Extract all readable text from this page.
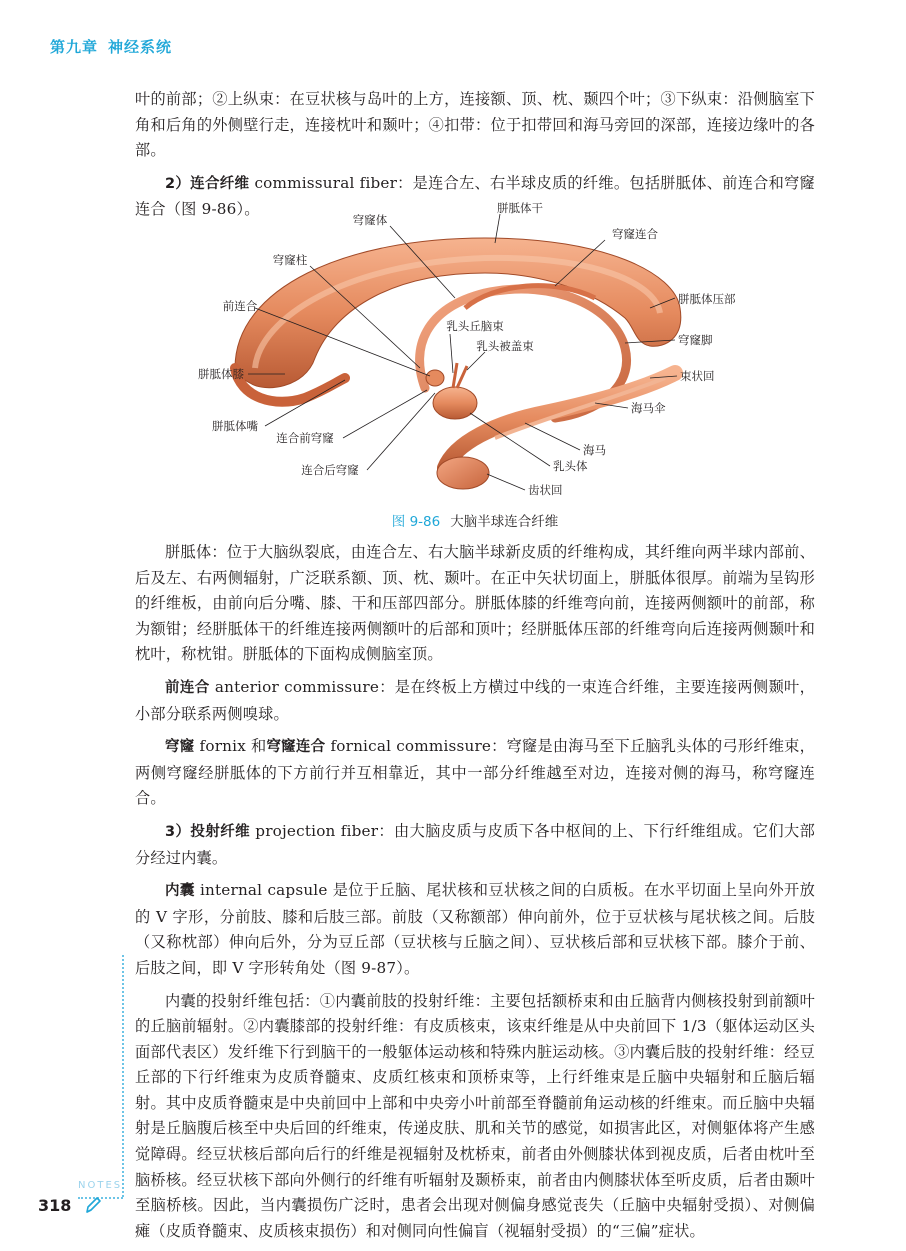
第九章 神经系统

叶的前部；②上纵束：在豆状核与岛叶的上方，连接额、顶、枕、颞四个叶；③下纵束：沿侧脑室下角和后角的外侧壁行走，连接枕叶和颞叶；④扣带：位于扣带回和海马旁回的深部，连接边缘叶的各部。

2）连合纤维 commissural fiber：是连合左、右半球皮质的纤维。包括胼胝体、前连合和穹窿连合（图 9-86）。	胼胝体干
穹窿体
穹窿连合
穹窿柱
胼胝体压部
前连合
乳头丘脑束
乳头被盖束	穹窿脚
胼胝体膝	束状回
海马伞
胼胝体嘴
连合前穹窿
海马
连合后穹窿	乳头体
齿状回
图 9-86 大脑半球连合纤维

胼胝体：位于大脑纵裂底，由连合左、右大脑半球新皮质的纤维构成，其纤维向两半球内部前、后及左、右两侧辐射，广泛联系额、顶、枕、颞叶。在正中矢状切面上，胼胝体很厚。前端为呈钩形的纤维板，由前向后分嘴、膝、干和压部四部分。胼胝体膝的纤维弯向前，连接两侧额叶的前部，称为额钳；经胼胝体干的纤维连接两侧额叶的后部和顶叶；经胼胝体压部的纤维弯向后连接两侧颞叶和枕叶，称枕钳。胼胝体的下面构成侧脑室顶。

前连合 anterior commissure：是在终板上方横过中线的一束连合纤维，主要连接两侧颞叶，小部分联系两侧嗅球。

穹窿 fornix 和穹窿连合 fornical commissure：穹窿是由海马至下丘脑乳头体的弓形纤维束，两侧穹窿经胼胝体的下方前行并互相靠近，其中一部分纤维越至对边，连接对侧的海马，称穹窿连合。

3）投射纤维 projection fiber：由大脑皮质与皮质下各中枢间的上、下行纤维组成。它们大部分经过内囊。

内囊 internal capsule 是位于丘脑、尾状核和豆状核之间的白质板。在水平切面上呈向外开放的 V 字形，分前肢、膝和后肢三部。前肢（又称额部）伸向前外，位于豆状核与尾状核之间。后肢（又称枕部）伸向后外，分为豆丘部（豆状核与丘脑之间）、豆状核后部和豆状核下部。膝介于前、后肢之间，即 V 字形转角处（图 9-87）。

内囊的投射纤维包括：①内囊前肢的投射纤维：主要包括额桥束和由丘脑背内侧核投射到前额叶的丘脑前辐射。②内囊膝部的投射纤维：有皮质核束，该束纤维是从中央前回下 1/3（躯体运动区头面部代表区）发纤维下行到脑干的一般躯体运动核和特殊内脏运动核。③内囊后肢的投射纤维：经豆丘部的下行纤维束为皮质脊髓束、皮质红核束和顶桥束等，上行纤维束是丘脑中央辐射和丘脑后辐射。其中皮质脊髓束是中央前回中上部和中央旁小叶前部至脊髓前角运动核的纤维束。而丘脑中央辐射是丘脑腹后核至中央后回的纤维束，传递皮肤、肌和关节的感觉，如损害此区，对侧躯体将产生感觉障碍。经豆状核后部向后行的纤维是视辐射及枕桥束，前者由外侧膝状体到视皮质，后者由枕叶至脑桥核。经豆状核下部向外侧行的纤维有听辐射及颞桥束，前者由内侧膝状体至听皮质，后者由颞叶至脑桥核。因此，当内囊损伤广泛时，患者会出现对侧偏身感觉丧失（丘脑中央辐射受损）、对侧偏瘫（皮质脊髓束、皮质核束损伤）和对侧同向性偏盲（视辐射受损）的“三偏”症状。

NOTES
318
